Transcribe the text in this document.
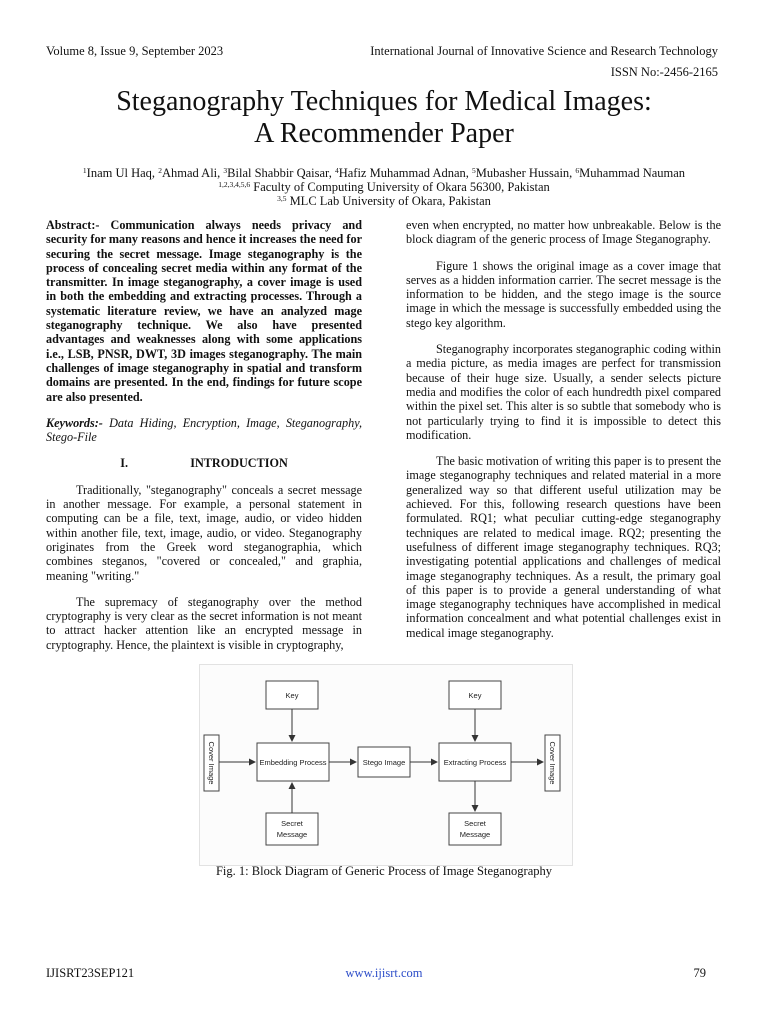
Volume 8, Issue 9, September 2023	International Journal of Innovative Science and Research Technology
ISSN No:-2456-2165
Steganography Techniques for Medical Images:
A Recommender Paper
$^1$Inam Ul Haq, $^2$Ahmad Ali, $^3$Bilal Shabbir Qaisar, $^4$Hafiz Muhammad Adnan, $^5$Mubasher Hussain, $^6$Muhammad Nauman
$^{1,2,3,4,5,6}$ Faculty of Computing University of Okara 56300, Pakistan
$^{3,5}$ MLC Lab University of Okara, Pakistan

Abstract:- Communication always needs privacy and security for many reasons and hence it increases the need for securing the secret message. Image steganography is the process of concealing secret media within any format of the transmitter. In image steganography, a cover image is used in both the embedding and extracting processes. Through a systematic literature review, we have an analyzed mage steganography technique. We also have presented advantages and weaknesses along with some applications i.e., LSB, PNSR, DWT, 3D images steganography. The main challenges of image steganography in spatial and transform domains are presented. In the end, findings for future scope are also presented.

Keywords:- Data Hiding, Encryption, Image, Steganography, Stego-File

I.	INTRODUCTION

Traditionally, "steganography" conceals a secret message in another message. For example, a personal statement in computing can be a file, text, image, audio, or video hidden within another file, text, image, audio, or video. Steganography originates from the Greek word steganographia, which combines steganos, "covered or concealed," and graphia, meaning "writing."

The supremacy of steganography over the method cryptography is very clear as the secret information is not meant to attract hacker attention like an encrypted message in cryptography. Hence, the plaintext is visible in cryptography,

even when encrypted, no matter how unbreakable. Below is the block diagram of the generic process of Image Steganography.

Figure 1 shows the original image as a cover image that serves as a hidden information carrier. The secret message is the information to be hidden, and the stego image is the source image in which the message is successfully embedded using the stego key algorithm.

Steganography incorporates steganographic coding within a media picture, as media images are perfect for transmission because of their huge size. Usually, a sender selects picture media and modifies the color of each hundredth pixel compared within the pixel set. This alter is so subtle that somebody who is not particularly trying to find it is impossible to detect this modification.

The basic motivation of writing this paper is to present the image steganography techniques and related material in a more generalized way so that different useful utilization may be achieved. For this, following research questions have been formulated. RQ1; what peculiar cutting-edge steganography techniques are related to medical image. RQ2; presenting the usefulness of different image steganography techniques. RQ3; investigating potential applications and challenges of medical image steganography techniques. As a result, the primary goal of this paper is to provide a general understanding of what image steganography techniques have accomplished in medical information concealment and what potential challenges exist in medical image steganography.

Key	Key
Embedding Process	Stego Image	Extracting Process
Secret
Message
Secret
Message
Cover Image	Cover Image
Fig. 1: Block Diagram of Generic Process of Image Steganography
IJISRT23SEP121	www.ijisrt.com	79
